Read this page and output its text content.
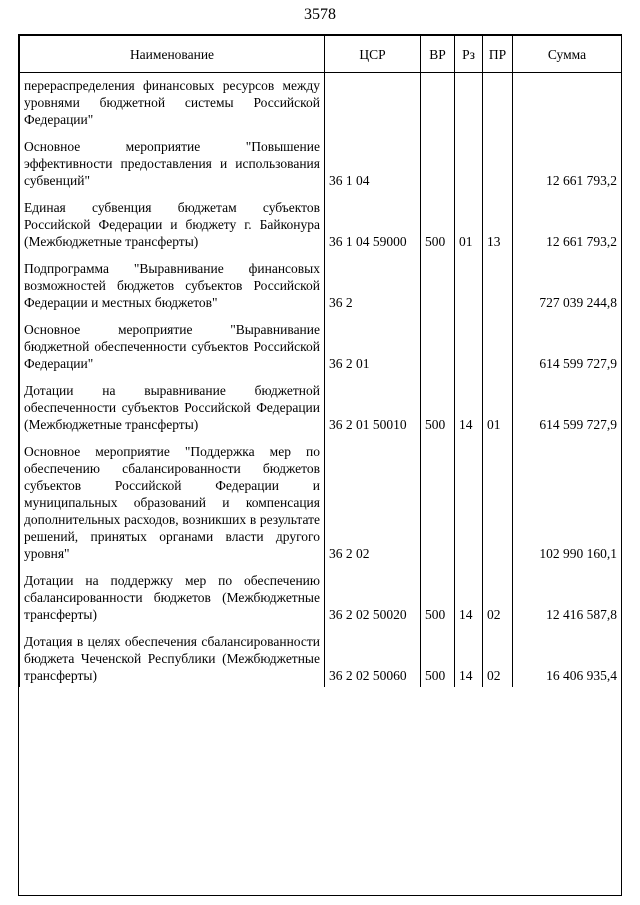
3578
Наименование	ЦСР	ВР	Рз	ПР	Сумма
перераспределения финансовых ресурсов между уровнями бюджетной системы Российской Федерации"					
Основное мероприятие "Повышение эффективности предоставления и использования субвенций"	36 1 04				12 661 793,2
Единая субвенция бюджетам субъектов Российской Федерации и бюджету г. Байконура (Межбюджетные трансферты)	36 1 04 59000	500	01	13	12 661 793,2
Подпрограмма "Выравнивание финансовых возможностей бюджетов субъектов Российской Федерации и местных бюджетов"	36 2				727 039 244,8
Основное мероприятие "Выравнивание бюджетной обеспеченности субъектов Российской Федерации"	36 2 01				614 599 727,9
Дотации на выравнивание бюджетной обеспеченности субъектов Российской Федерации (Межбюджетные трансферты)	36 2 01 50010	500	14	01	614 599 727,9
Основное мероприятие "Поддержка мер по обеспечению сбалансированности бюджетов субъектов Российской Федерации и муниципальных образований и компенсация дополнительных расходов, возникших в результате решений, принятых органами власти другого уровня"	36 2 02				102 990 160,1
Дотации на поддержку мер по обеспечению сбалансированности бюджетов (Межбюджетные трансферты)	36 2 02 50020	500	14	02	12 416 587,8
Дотация в целях обеспечения сбалансированности бюджета Чеченской Республики (Межбюджетные трансферты)	36 2 02 50060	500	14	02	16 406 935,4
